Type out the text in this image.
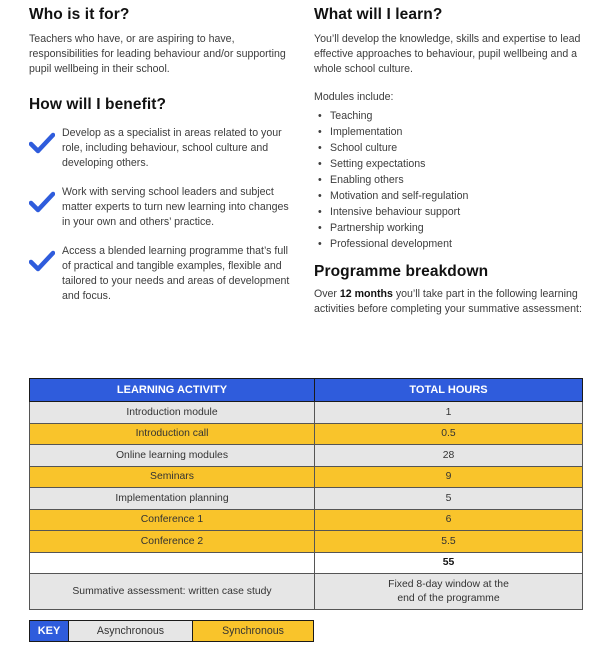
Who is it for?

Teachers who have, or are aspiring to have, responsibilities for leading behaviour and/or supporting pupil wellbeing in their school.

How will I benefit?

Develop as a specialist in areas related to your role, including behaviour, school culture and developing others.

Work with serving school leaders and subject matter experts to turn new learning into changes in your own and others’ practice.

Access a blended learning programme that’s full of practical and tangible examples, flexible and tailored to your needs and areas of development and focus.

What will I learn?

You’ll develop the knowledge, skills and expertise to lead effective approaches to behaviour, pupil wellbeing and a whole school culture.

Modules include:

• Teaching
• Implementation
• School culture
• Setting expectations
• Enabling others
• Motivation and self-regulation
• Intensive behaviour support
• Partnership working
• Professional development
Programme breakdown

Over 12 months you’ll take part in the following learning activities before completing your summative assessment:

LEARNING ACTIVITY	TOTAL HOURS
Introduction module	1
Introduction call	0.5
Online learning modules	28
Seminars	9
Implementation planning	5
Conference 1	6
Conference 2	5.5
	55
Summative assessment: written case study	Fixed 8-day window at the
end of the programme
KEY	Asynchronous	Synchronous
